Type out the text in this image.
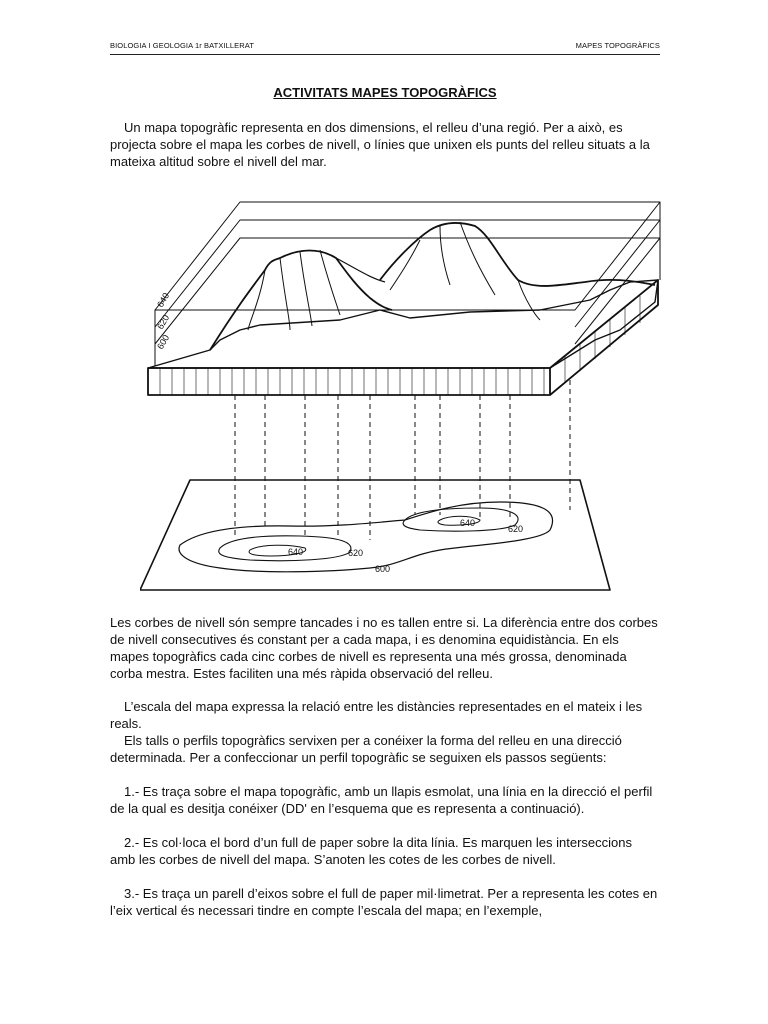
BIOLOGIA I GEOLOGIA 1r BATXILLERAT	MAPES TOPOGRÀFICS
ACTIVITATS MAPES TOPOGRÀFICS

Un mapa topogràfic representa en dos dimensions, el relleu d’una regió. Per a això, es projecta sobre el mapa les corbes de nivell, o línies que unixen els punts del relleu situats a la mateixa altitud sobre el nivell del mar.

640
620
600
640	620
600
640
620

Les corbes de nivell són sempre tancades i no es tallen entre si. La diferència entre dos corbes de nivell consecutives és constant per a cada mapa, i es denomina equidistància. En els mapes topogràfics cada cinc corbes de nivell es representa una més grossa, denominada corba mestra. Estes faciliten una més ràpida observació del relleu.

L’escala del mapa expressa la relació entre les distàncies representades en el mateix i les reals.

Els talls o perfils topogràfics servixen per a conéixer la forma del relleu en una direcció determinada. Per a confeccionar un perfil topogràfic se seguixen els passos següents:

1.- Es traça sobre el mapa topogràfic, amb un llapis esmolat, una línia en la direcció el perfil de la qual es desitja conéixer (DD' en l’esquema que es representa a continuació).

2.- Es col·loca el bord d’un full de paper sobre la dita línia. Es marquen les interseccions amb les corbes de nivell del mapa. S’anoten les cotes de les corbes de nivell.

3.- Es traça un parell d’eixos sobre el full de paper mil·limetrat. Per a representa les cotes en l’eix vertical és necessari tindre en compte l’escala del mapa; en l’exemple,
